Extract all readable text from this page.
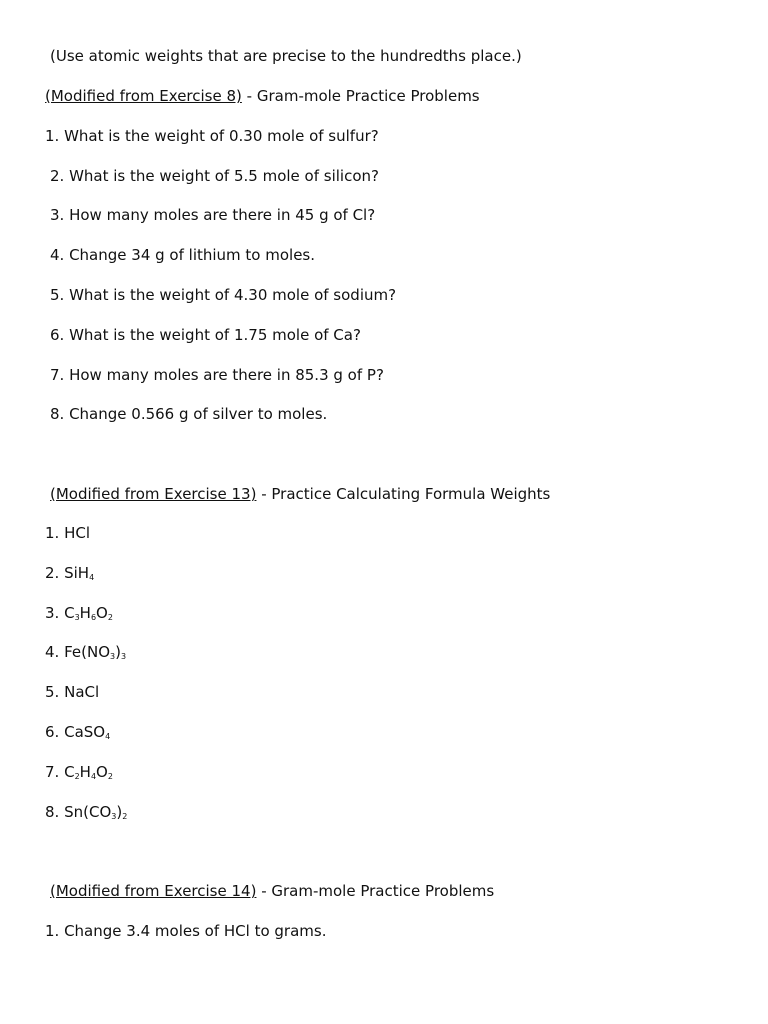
(Use atomic weights that are precise to the hundredths place.)
(Modified from Exercise 8) - Gram-mole Practice Problems
1. What is the weight of 0.30 mole of sulfur?
2. What is the weight of 5.5 mole of silicon?
3. How many moles are there in 45 g of Cl?
4. Change 34 g of lithium to moles.
5. What is the weight of 4.30 mole of sodium?
6. What is the weight of 1.75 mole of Ca?
7. How many moles are there in 85.3 g of P?
8. Change 0.566 g of silver to moles.
(Modified from Exercise 13) - Practice Calculating Formula Weights
1. HCl
2. SiH$_4$
3. $C_3H_6O_2$
4. $Fe(NO_3)_3$
5. NaCl
6. CaSO$_4$
7. $C_2H_4O_2$
8. $Sn(CO_3)_2$
(Modified from Exercise 14) - Gram-mole Practice Problems
1. Change 3.4 moles of HCl to grams.
